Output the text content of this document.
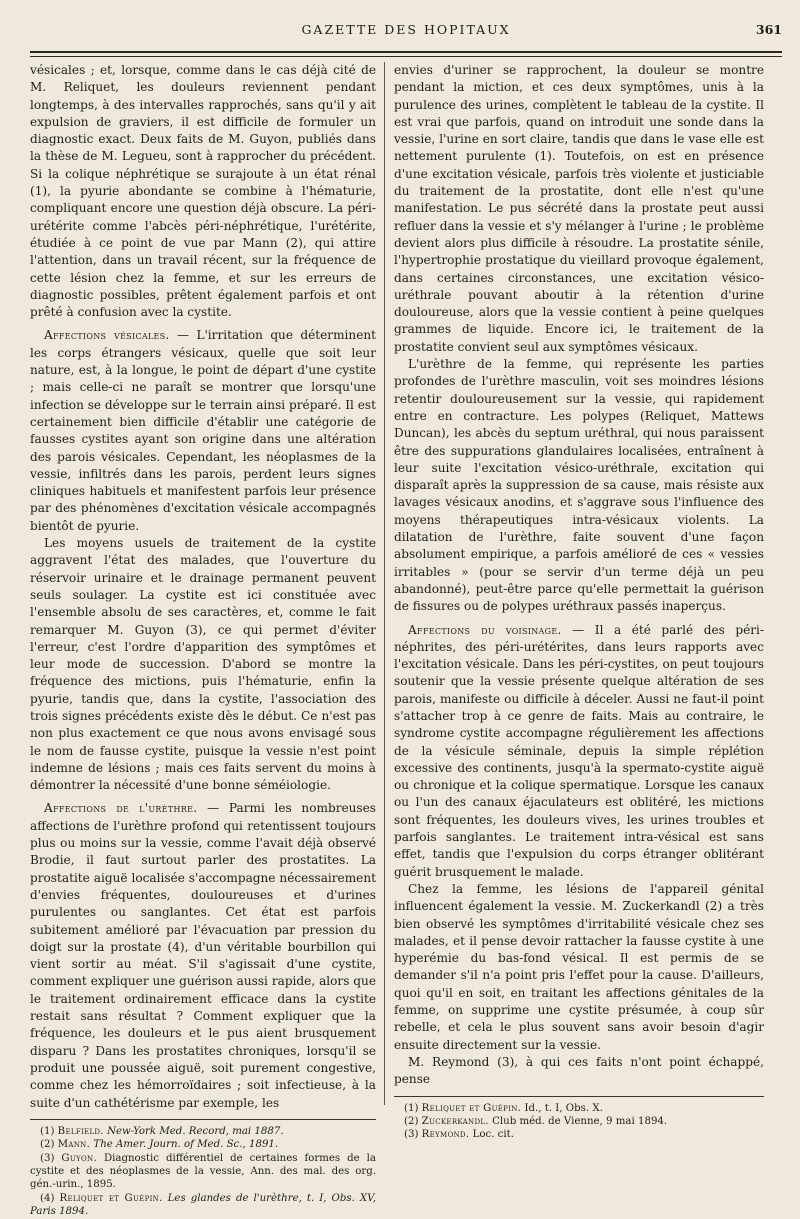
GAZETTE DES HOPITAUX	361

vésicales ; et, lorsque, comme dans le cas déjà cité de M. Reliquet, les douleurs reviennent pendant longtemps, à des intervalles rapprochés, sans qu'il y ait expulsion de graviers, il est difficile de formuler un diagnostic exact. Deux faits de M. Guyon, publiés dans la thèse de M. Legueu, sont à rapprocher du précédent. Si la colique néphrétique se surajoute à un état rénal (1), la pyurie abondante se combine à l'hématurie, compliquant encore une question déjà obscure. La péri-urétérite comme l'abcès péri-néphrétique, l'urétérite, étudiée à ce point de vue par Mann (2), qui attire l'attention, dans un travail récent, sur la fréquence de cette lésion chez la femme, et sur les erreurs de diagnostic possibles, prêtent également parfois et ont prêté à confusion avec la cystite.

Affections vésicales. — L'irritation que déterminent les corps étrangers vésicaux, quelle que soit leur nature, est, à la longue, le point de départ d'une cystite ; mais celle-ci ne paraît se montrer que lorsqu'une infection se développe sur le terrain ainsi préparé. Il est certainement bien difficile d'établir une catégorie de fausses cystites ayant son origine dans une altération des parois vésicales. Cependant, les néoplasmes de la vessie, infiltrés dans les parois, perdent leurs signes cliniques habituels et manifestent parfois leur présence par des phénomènes d'excitation vésicale accompagnés bientôt de pyurie.

Les moyens usuels de traitement de la cystite aggravent l'état des malades, que l'ouverture du réservoir urinaire et le drainage permanent peuvent seuls soulager. La cystite est ici constituée avec l'ensemble absolu de ses caractères, et, comme le fait remarquer M. Guyon (3), ce qui permet d'éviter l'erreur, c'est l'ordre d'apparition des symptômes et leur mode de succession. D'abord se montre la fréquence des mictions, puis l'hématurie, enfin la pyurie, tandis que, dans la cystite, l'association des trois signes précédents existe dès le début. Ce n'est pas non plus exactement ce que nous avons envisagé sous le nom de fausse cystite, puisque la vessie n'est point indemne de lésions ; mais ces faits servent du moins à démontrer la nécessité d'une bonne séméiologie.

Affections de l'urèthre. — Parmi les nombreuses affections de l'urèthre profond qui retentissent toujours plus ou moins sur la vessie, comme l'avait déjà observé Brodie, il faut surtout parler des prostatites. La prostatite aiguë localisée s'accompagne nécessairement d'envies fréquentes, douloureuses et d'urines purulentes ou sanglantes. Cet état est parfois subitement amélioré par l'évacuation par pression du doigt sur la prostate (4), d'un véritable bourbillon qui vient sortir au méat. S'il s'agissait d'une cystite, comment expliquer une guérison aussi rapide, alors que le traitement ordinairement efficace dans la cystite restait sans résultat ? Comment expliquer que la fréquence, les douleurs et le pus aient brusquement disparu ? Dans les prostatites chroniques, lorsqu'il se produit une poussée aiguë, soit purement congestive, comme chez les hémorroïdaires ; soit infectieuse, à la suite d'un cathétérisme par exemple, les

(1) Belfield. New-York Med. Record, mai 1887.

(2) Mann. The Amer. Journ. of Med. Sc., 1891.

(3) Guyon. Diagnostic différentiel de certaines formes de la cystite et des néoplasmes de la vessie, Ann. des mal. des org. gén.-urin., 1895.

(4) Reliquet et Guépin. Les glandes de l'urèthre, t. I, Obs. XV, Paris 1894.

envies d'uriner se rapprochent, la douleur se montre pendant la miction, et ces deux symptômes, unis à la purulence des urines, complètent le tableau de la cystite. Il est vrai que parfois, quand on introduit une sonde dans la vessie, l'urine en sort claire, tandis que dans le vase elle est nettement purulente (1). Toutefois, on est en présence d'une excitation vésicale, parfois très violente et justiciable du traitement de la prostatite, dont elle n'est qu'une manifestation. Le pus sécrété dans la prostate peut aussi refluer dans la vessie et s'y mélanger à l'urine ; le problème devient alors plus difficile à résoudre. La prostatite sénile, l'hypertrophie prostatique du vieillard provoque également, dans certaines circonstances, une excitation vésico-uréthrale pouvant aboutir à la rétention d'urine douloureuse, alors que la vessie contient à peine quelques grammes de liquide. Encore ici, le traitement de la prostatite convient seul aux symptômes vésicaux.

L'urèthre de la femme, qui représente les parties profondes de l'urèthre masculin, voit ses moindres lésions retentir douloureusement sur la vessie, qui rapidement entre en contracture. Les polypes (Reliquet, Mattews Duncan), les abcès du septum uréthral, qui nous paraissent être des suppurations glandulaires localisées, entraînent à leur suite l'excitation vésico-uréthrale, excitation qui disparaît après la suppression de sa cause, mais résiste aux lavages vésicaux anodins, et s'aggrave sous l'influence des moyens thérapeutiques intra-vésicaux violents. La dilatation de l'urèthre, faite souvent d'une façon absolument empirique, a parfois amélioré de ces « vessies irritables » (pour se servir d'un terme déjà un peu abandonné), peut-être parce qu'elle permettait la guérison de fissures ou de polypes uréthraux passés inaperçus.

Affections du voisinage. — Il a été parlé des péri-néphrites, des péri-urétérites, dans leurs rapports avec l'excitation vésicale. Dans les péri-cystites, on peut toujours soutenir que la vessie présente quelque altération de ses parois, manifeste ou difficile à déceler. Aussi ne faut-il point s'attacher trop à ce genre de faits. Mais au contraire, le syndrome cystite accompagne régulièrement les affections de la vésicule séminale, depuis la simple réplétion excessive des continents, jusqu'à la spermato-cystite aiguë ou chronique et la colique spermatique. Lorsque les canaux ou l'un des canaux éjaculateurs est oblitéré, les mictions sont fréquentes, les douleurs vives, les urines troubles et parfois sanglantes. Le traitement intra-vésical est sans effet, tandis que l'expulsion du corps étranger oblitérant guérit brusquement le malade.

Chez la femme, les lésions de l'appareil génital influencent également la vessie. M. Zuckerkandl (2) a très bien observé les symptômes d'irritabilité vésicale chez ses malades, et il pense devoir rattacher la fausse cystite à une hyperémie du bas-fond vésical. Il est permis de se demander s'il n'a point pris l'effet pour la cause. D'ailleurs, quoi qu'il en soit, en traitant les affections génitales de la femme, on supprime une cystite présumée, à coup sûr rebelle, et cela le plus souvent sans avoir besoin d'agir ensuite directement sur la vessie.

M. Reymond (3), à qui ces faits n'ont point échappé, pense

(1) Reliquet et Guépin. Id., t. I, Obs. X.

(2) Zuckerkandl. Club méd. de Vienne, 9 mai 1894.

(3) Reymond. Loc. cit.
